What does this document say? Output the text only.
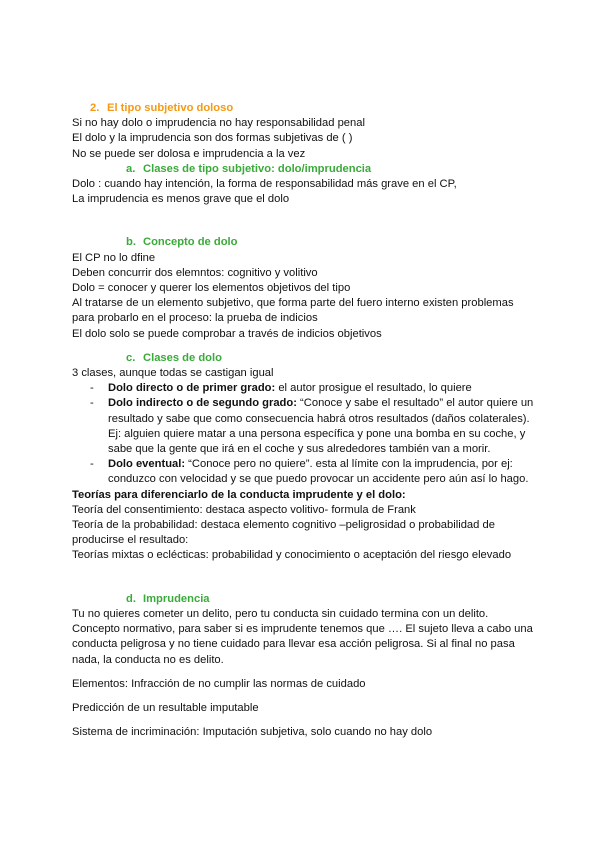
2. El tipo subjetivo doloso

Si no hay dolo o imprudencia no hay responsabilidad penal

El dolo y la imprudencia son dos formas subjetivas de ( )

No se puede ser dolosa e imprudencia a la vez

a. Clases de tipo subjetivo: dolo/imprudencia

Dolo : cuando hay intención, la forma de responsabilidad más grave en el CP,

La imprudencia es menos grave que el dolo

b. Concepto de dolo

El CP no lo dfine

Deben concurrir dos elemntos: cognitivo y volitivo

Dolo = conocer y querer los elementos objetivos del tipo

Al tratarse de un elemento subjetivo, que forma parte del fuero interno existen problemas

para probarlo en el proceso: la prueba de indicios

El dolo solo se puede comprobar a través de indicios objetivos

c. Clases de dolo

3 clases, aunque todas se castigan igual

- Dolo directo o de primer grado: el autor prosigue el resultado, lo quiere
- Dolo indirecto o de segundo grado: “Conoce y sabe el resultado” el autor quiere un resultado y sabe que como consecuencia habrá otros resultados (daños colaterales). Ej: alguien quiere matar a una persona específica y pone una bomba en su coche, y sabe que la gente que irá en el coche y sus alrededores también van a morir.
- Dolo eventual: “Conoce pero no quiere”. esta al límite con la imprudencia, por ej: conduzco con velocidad y se que puedo provocar un accidente pero aún así lo hago.

Teorías para diferenciarlo de la conducta imprudente y el dolo:

Teoría del consentimiento: destaca aspecto volitivo- formula de Frank

Teoría de la probabilidad: destaca elemento cognitivo –peligrosidad o probabilidad de producirse el resultado:

Teorías mixtas o eclécticas: probabilidad y conocimiento o aceptación del riesgo elevado

d. Imprudencia

Tu no quieres cometer un delito, pero tu conducta sin cuidado termina con un delito.

Concepto normativo, para saber si es imprudente tenemos que …. El sujeto lleva a cabo una conducta peligrosa y no tiene cuidado para llevar esa acción peligrosa. Si al final no pasa nada, la conducta no es delito.

Elementos: Infracción de no cumplir las normas de cuidado

Predicción de un resultable imputable

Sistema de incriminación: Imputación subjetiva, solo cuando no hay dolo
